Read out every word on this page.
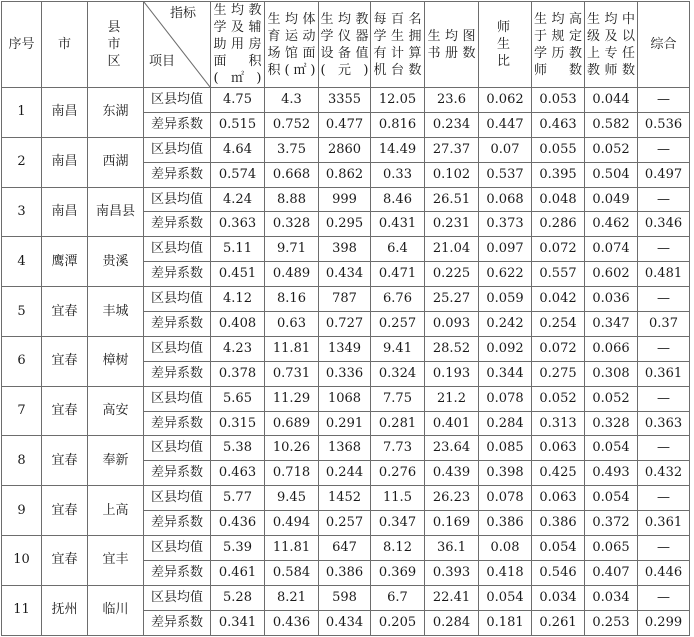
序号	市	县市区	指标
项目	生均教学及辅助用房面积(㎡)	生均体育运动场馆面积(㎡)	生均教学仪器设备值(元)	每百名学生拥有计算机台数	生均图书册数	师生比	生均高于规定学历教师数	生均中级及以上专任教师数	综合
1	南昌	东湖	区县均值	4.75	4.3	3355	12.05	23.6	0.062	0.053	0.044	—
			差异系数	0.515	0.752	0.477	0.816	0.234	0.447	0.463	0.582	0.536
2	南昌	西湖	区县均值	4.64	3.75	2860	14.49	27.37	0.07	0.055	0.052	—
			差异系数	0.574	0.668	0.862	0.33	0.102	0.537	0.395	0.504	0.497
3	南昌	南昌县	区县均值	4.24	8.88	999	8.46	26.51	0.068	0.048	0.049	—
			差异系数	0.363	0.328	0.295	0.431	0.231	0.373	0.286	0.462	0.346
4	鹰潭	贵溪	区县均值	5.11	9.71	398	6.4	21.04	0.097	0.072	0.074	—
			差异系数	0.451	0.489	0.434	0.471	0.225	0.622	0.557	0.602	0.481
5	宜春	丰城	区县均值	4.12	8.16	787	6.76	25.27	0.059	0.042	0.036	—
			差异系数	0.408	0.63	0.727	0.257	0.093	0.242	0.254	0.347	0.37
6	宜春	樟树	区县均值	4.23	11.81	1349	9.41	28.52	0.092	0.072	0.066	—
			差异系数	0.378	0.731	0.336	0.324	0.193	0.344	0.275	0.308	0.361
7	宜春	高安	区县均值	5.65	11.29	1068	7.75	21.2	0.078	0.052	0.052	—
			差异系数	0.315	0.689	0.291	0.281	0.401	0.284	0.313	0.328	0.363
8	宜春	奉新	区县均值	5.38	10.26	1368	7.73	23.64	0.085	0.063	0.054	—
			差异系数	0.463	0.718	0.244	0.276	0.439	0.398	0.425	0.493	0.432
9	宜春	上高	区县均值	5.77	9.45	1452	11.5	26.23	0.078	0.063	0.054	—
			差异系数	0.436	0.494	0.257	0.347	0.169	0.386	0.386	0.372	0.361
10	宜春	宜丰	区县均值	5.39	11.81	647	8.12	36.1	0.08	0.054	0.065	—
			差异系数	0.461	0.584	0.386	0.369	0.393	0.418	0.546	0.407	0.446
11	抚州	临川	区县均值	5.28	8.21	598	6.7	22.41	0.054	0.034	0.034	—
			差异系数	0.341	0.436	0.434	0.205	0.284	0.181	0.261	0.253	0.299
